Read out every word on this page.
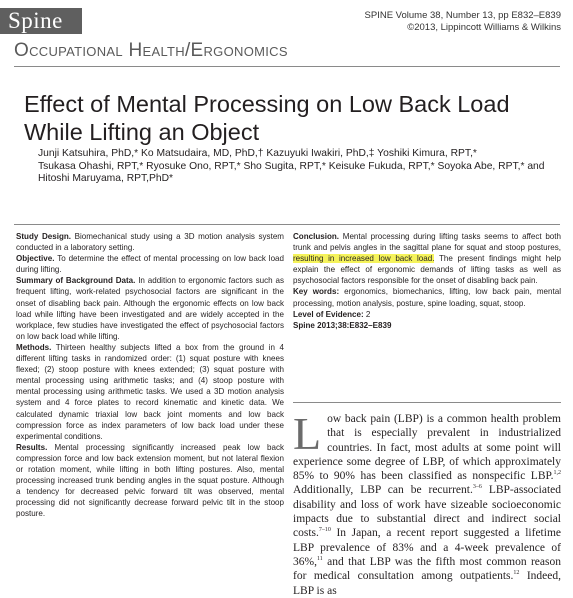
Spine	SPINE Volume 38, Number 13, pp E832–E839
©2013, Lippincott Williams & Wilkins
Occupational Health/Ergonomics
Effect of Mental Processing on Low Back Load
While Lifting an Object
Junji Katsuhira, PhD,* Ko Matsudaira, MD, PhD,† Kazuyuki Iwakiri, PhD,‡ Yoshiki Kimura, RPT,*
Tsukasa Ohashi, RPT,* Ryosuke Ono, RPT,* Sho Sugita, RPT,* Keisuke Fukuda, RPT,* Soyoka Abe, RPT,* and
Hitoshi Maruyama, RPT,PhD*

Study Design. Biomechanical study using a 3D motion analysis system conducted in a laboratory setting.

Objective. To determine the effect of mental processing on low back load during lifting.

Summary of Background Data. In addition to ergonomic factors such as frequent lifting, work-related psychosocial factors are significant in the onset of disabling back pain. Although the ergonomic effects on low back load while lifting have been investigated and are widely accepted in the workplace, few studies have investigated the effect of psychosocial factors on low back load while lifting.

Methods. Thirteen healthy subjects lifted a box from the ground in 4 different lifting tasks in randomized order: (1) squat posture with knees flexed; (2) stoop posture with knees extended; (3) squat posture with mental processing using arithmetic tasks; and (4) stoop posture with mental processing using arithmetic tasks. We used a 3D motion analysis system and 4 force plates to record kinematic and kinetic data. We calculated dynamic triaxial low back joint moments and low back compression force as index parameters of low back load under these experimental conditions.

Results. Mental processing significantly increased peak low back compression force and low back extension moment, but not lateral flexion or rotation moment, while lifting in both lifting postures. Also, mental processing increased trunk bending angles in the squat posture. Although a tendency for decreased pelvic forward tilt was observed, mental processing did not significantly decrease forward pelvic tilt in the stoop posture.

Conclusion. Mental processing during lifting tasks seems to affect both trunk and pelvis angles in the sagittal plane for squat and stoop postures, resulting in increased low back load. The present findings might help explain the effect of ergonomic demands of lifting tasks as well as psychosocial factors responsible for the onset of disabling back pain.

Key words: ergonomics, biomechanics, lifting, low back pain, mental processing, motion analysis, posture, spine loading, squat, stoop.

Level of Evidence: 2

Spine 2013;38:E832–E839

Low back pain (LBP) is a common health problem that is especially prevalent in industrialized countries. In fact, most adults at some point will experience some degree of LBP, of which approximately 85% to 90% has been classified as nonspecific LBP.$^{1,2}$ Additionally, LBP can be recurrent.$^{3-6}$ LBP-associated disability and loss of work have sizeable socioeconomic impacts due to substantial direct and indirect social costs.$^{7-10}$ In Japan, a recent report suggested a lifetime LBP prevalence of 83% and a 4-week prevalence of 36%,$^{11}$ and that LBP was the fifth most common reason for medical consultation among outpatients.$^{12}$ Indeed, LBP is as
